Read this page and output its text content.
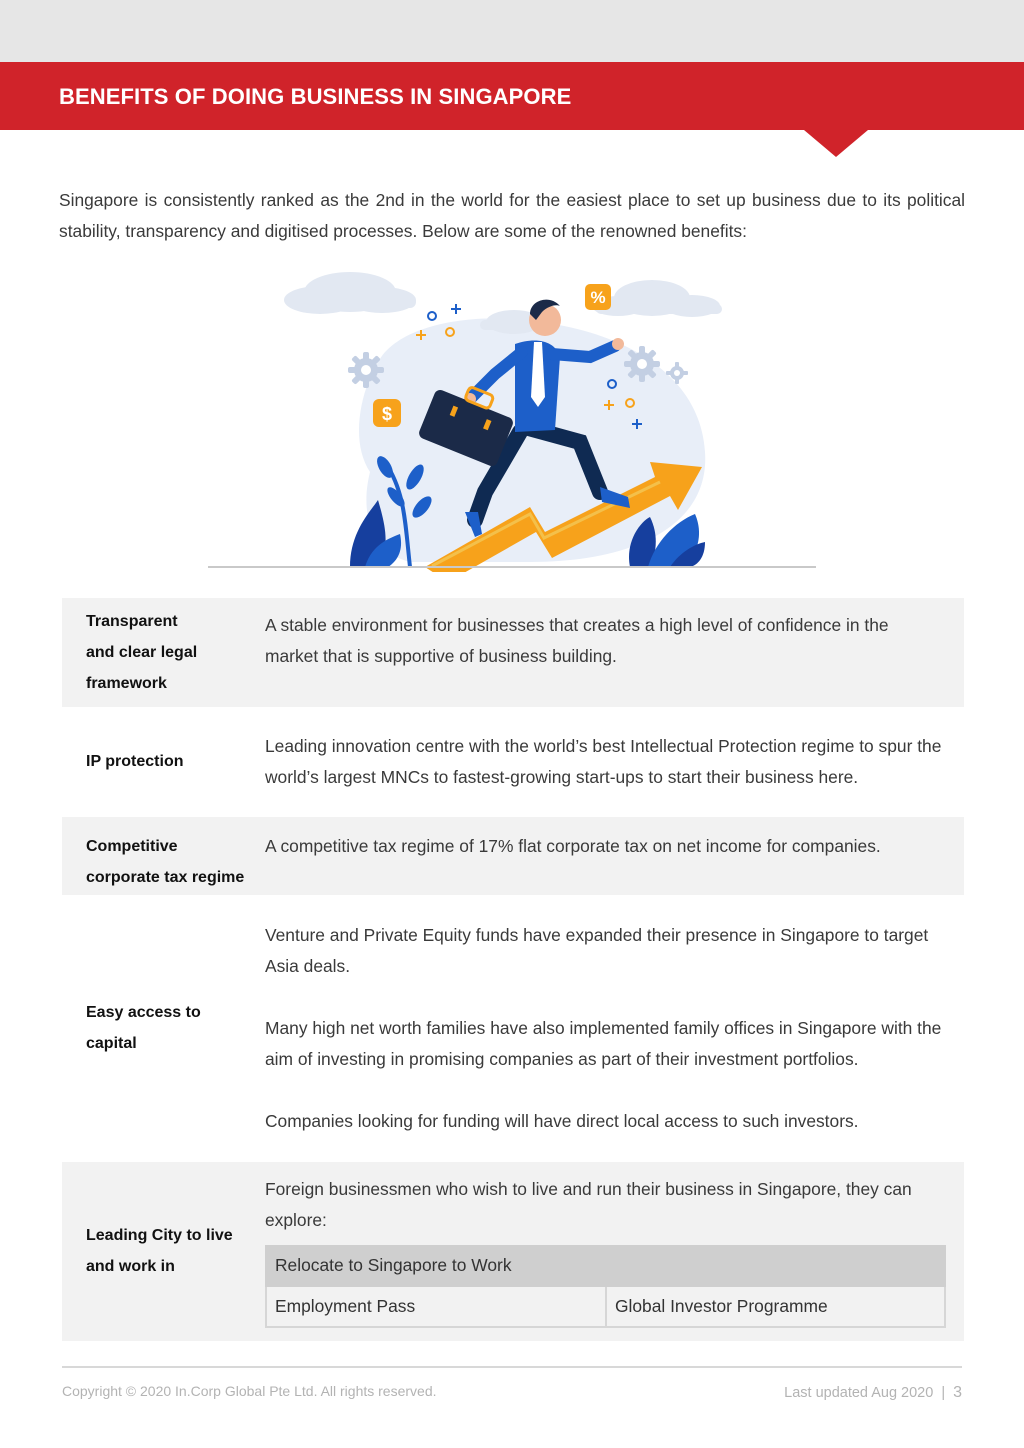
BENEFITS OF DOING BUSINESS IN SINGAPORE

Singapore is consistently ranked as the 2nd in the world for the easiest place to set up business due to its political stability, transparency and digitised processes. Below are some of the renowned benefits:

%
$
Transparent
and clear legal
framework
	A stable environment for businesses that creates a high level of confidence in the market that is supportive of business building.

IP protection
	Leading innovation centre with the world’s best Intellectual Protection regime to spur the world’s largest MNCs to fastest-growing start-ups to start their business here.

Competitive
corporate tax regime
	A competitive tax regime of 17% flat corporate tax on net income for companies.

Easy access to
capital

Venture and Private Equity funds have expanded their presence in Singapore to target Asia deals.
Many high net worth families have also implemented family offices in Singapore with the aim of investing in promising companies as part of their investment portfolios.
Companies looking for funding will have direct local access to such investors.

Leading City to live
and work in

Foreign businessmen who wish to live and run their business in Singapore, they can explore:
Relocate to Singapore to Work
Employment Pass	Global Investor Programme
Copyright © 2020 In.Corp Global Pte Ltd. All rights reserved.	Last updated Aug 2020 | 3
